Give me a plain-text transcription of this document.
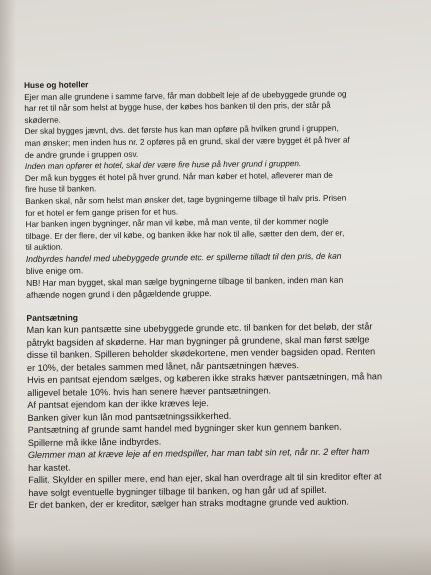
Huse og hoteller

Ejer man alle grundene i samme farve, får man dobbelt leje af de ubebyggede grunde og

har ret til når som helst at bygge huse, der købes hos banken til den pris, der står på

skøderne.

Der skal bygges jævnt, dvs. det første hus kan man opføre på hvilken grund i gruppen,

man ønsker; men inden hus nr. 2 opføres på en grund, skal der være bygget ét på hver af

de andre grunde i gruppen osv.

Inden man opfører et hotel, skal der være fire huse på hver grund i gruppen.

Der må kun bygges ét hotel på hver grund. Når man køber et hotel, afleverer man de

fire huse til banken.

Banken skal, når som helst man ønsker det, tage bygningerne tilbage til halv pris. Prisen

for et hotel er fem gange prisen for et hus.

Har banken ingen bygninger, når man vil købe, må man vente, til der kommer nogle

tilbage. Er der flere, der vil købe, og banken ikke har nok til alle, sætter den dem, der er,

til auktion.

Indbyrdes handel med ubebyggede grunde etc. er spillerne tilladt til den pris, de kan

blive enige om.

NB! Har man bygget, skal man sælge bygningerne tilbage til banken, inden man kan

afhænde nogen grund i den pågældende gruppe.

Pantsætning

Man kan kun pantsætte sine ubebyggede grunde etc. til banken for det beløb, der står

påtrykt bagsiden af skøderne. Har man bygninger på grundene, skal man først sælge

disse til banken. Spilleren beholder skødekortene, men vender bagsiden opad. Renten

er 10%, der betales sammen med lånet, når pantsætningen hæves.

Hvis en pantsat ejendom sælges, og køberen ikke straks hæver pantsætningen, må han

alligevel betale 10%. hvis han senere hæver pantsætningen.

Af pantsat ejendom kan der ikke kræves leje.

Banken giver kun lån mod pantsætningssikkerhed.

Pantsætning af grunde samt handel med bygninger sker kun gennem banken.

Spillerne må ikke låne indbyrdes.

Glemmer man at kræve leje af en medspiller, har man tabt sin ret, når nr. 2 efter ham

har kastet.

Fallit. Skylder en spiller mere, end han ejer, skal han overdrage alt til sin kreditor efter at

have solgt eventuelle bygninger tilbage til banken, og han går ud af spillet.

Er det banken, der er kreditor, sælger han straks modtagne grunde ved auktion.
